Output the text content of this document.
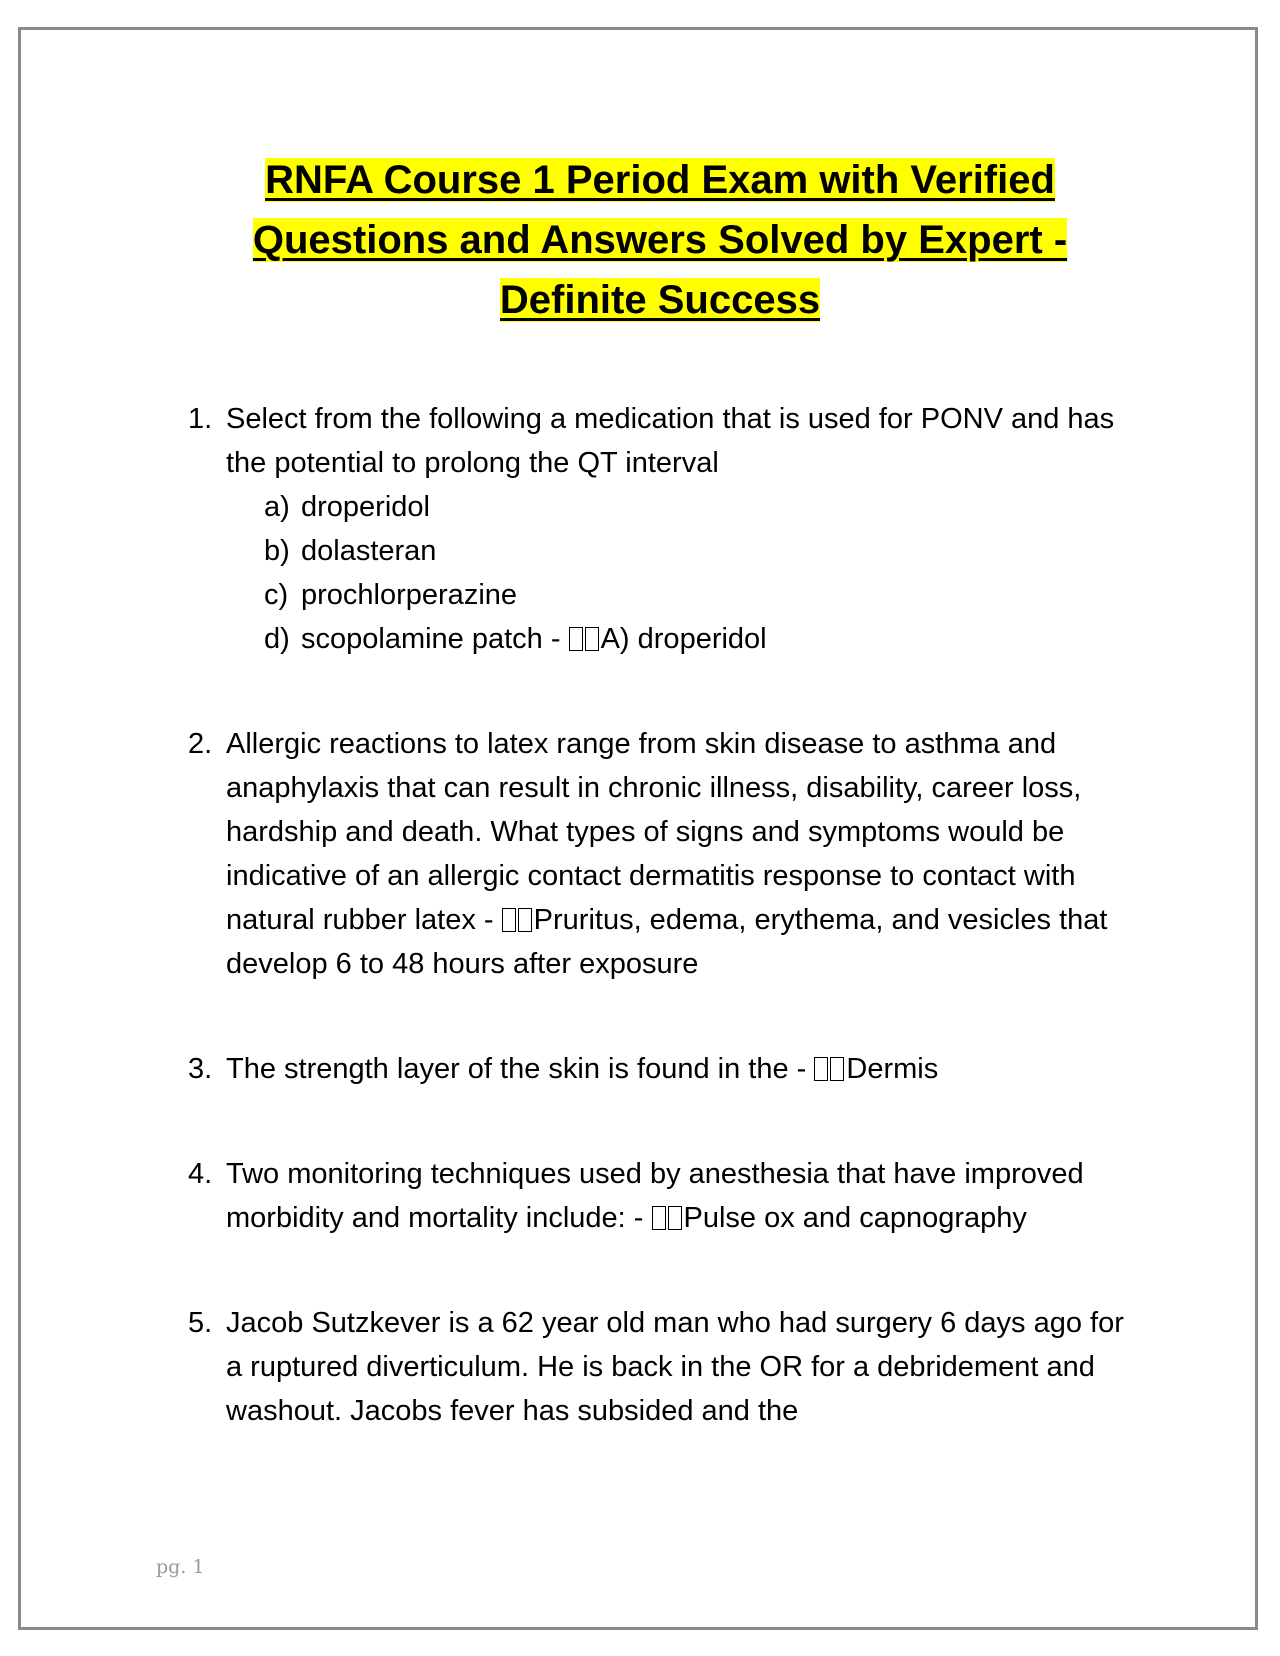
RNFA Course 1 Period Exam with Verified
Questions and Answers Solved by Expert -
Definite Success
1. Select from the following a medication that is used for PONV and has the potential to prolong the QT interval
a) droperidol
b) dolasteran
c) prochlorperazine
d) scopolamine patch - A) droperidol
2. Allergic reactions to latex range from skin disease to asthma and anaphylaxis that can result in chronic illness, disability, career loss, hardship and death. What types of signs and symptoms would be indicative of an allergic contact dermatitis response to contact with natural rubber latex - Pruritus, edema, erythema, and vesicles that develop 6 to 48 hours after exposure
3. The strength layer of the skin is found in the - Dermis
4. Two monitoring techniques used by anesthesia that have improved morbidity and mortality include: - Pulse ox and capnography
5. Jacob Sutzkever is a 62 year old man who had surgery 6 days ago for a ruptured diverticulum. He is back in the OR for a debridement and washout. Jacobs fever has subsided and the
pg. 1
